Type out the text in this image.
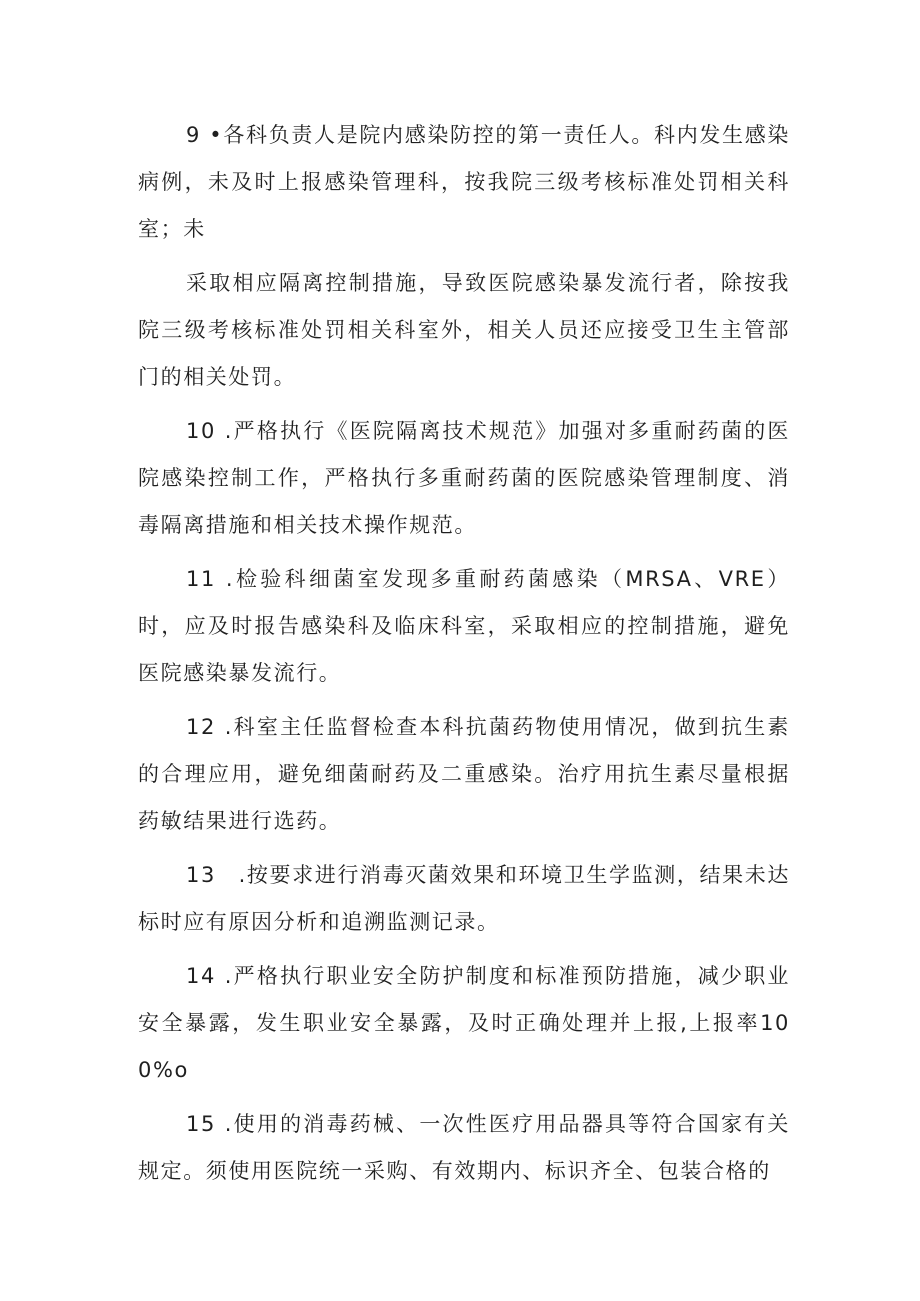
9 •各科负责人是院内感染防控的第一责任人。科内发生感染病例，未及时上报感染管理科，按我院三级考核标准处罚相关科室；未

采取相应隔离控制措施，导致医院感染暴发流行者，除按我院三级考核标准处罚相关科室外，相关人员还应接受卫生主管部门的相关处罚。

10 .严格执行《医院隔离技术规范》加强对多重耐药菌的医院感染控制工作，严格执行多重耐药菌的医院感染管理制度、消毒隔离措施和相关技术操作规范。

11 .检验科细菌室发现多重耐药菌感染（MRSA、VRE）时，应及时报告感染科及临床科室，采取相应的控制措施，避免医院感染暴发流行。

12 .科室主任监督检查本科抗菌药物使用情况，做到抗生素的合理应用，避免细菌耐药及二重感染。治疗用抗生素尽量根据药敏结果进行选药。

13　.按要求进行消毒灭菌效果和环境卫生学监测，结果未达标时应有原因分析和追溯监测记录。

14 .严格执行职业安全防护制度和标准预防措施，减少职业安全暴露，发生职业安全暴露，及时正确处理并上报,上报率100%o

15 .使用的消毒药械、一次性医疗用品器具等符合国家有关规定。须使用医院统一采购、有效期内、标识齐全、包装合格的
